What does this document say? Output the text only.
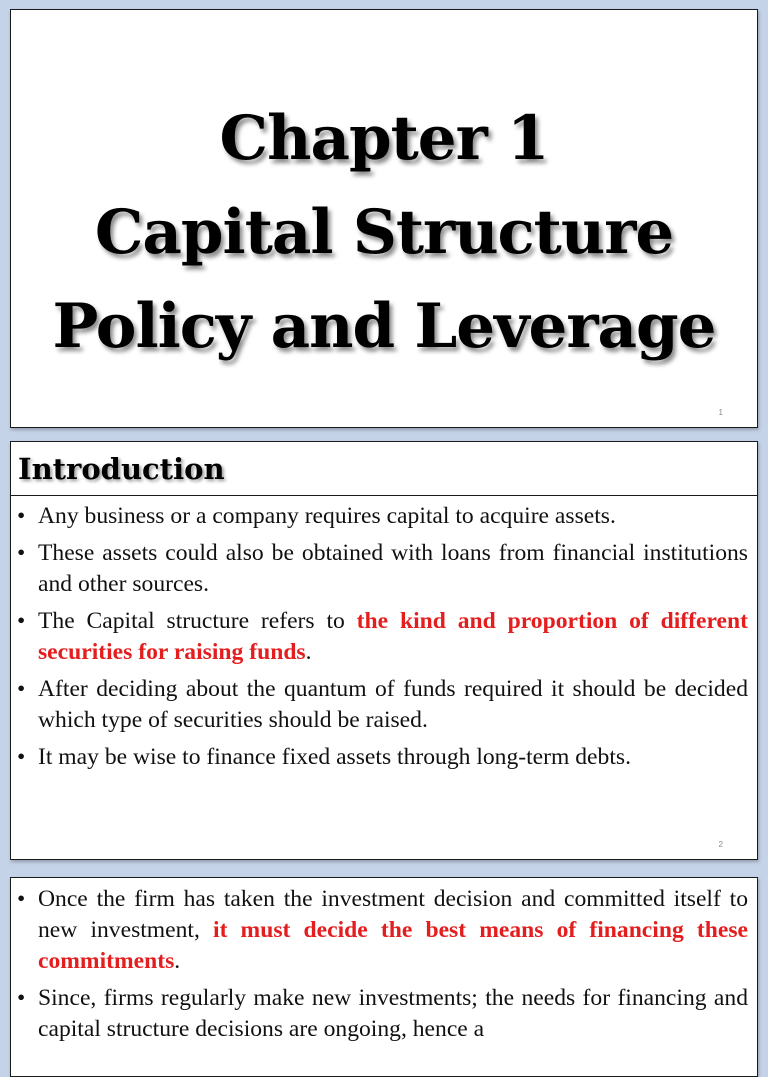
Chapter 1
Capital Structure
Policy and Leverage
1
Introduction
• Any business or a company requires capital to acquire assets.
• These assets could also be obtained with loans from financial institutions and other sources.
• The Capital structure refers to the kind and proportion of different securities for raising funds.
• After deciding about the quantum of funds required it should be decided which type of securities should be raised.
• It may be wise to finance fixed assets through long-term debts.
2
• Once the firm has taken the investment decision and committed itself to new investment, it must decide the best means of financing these commitments.
• Since, firms regularly make new investments; the needs for financing and capital structure decisions are ongoing, hence a
